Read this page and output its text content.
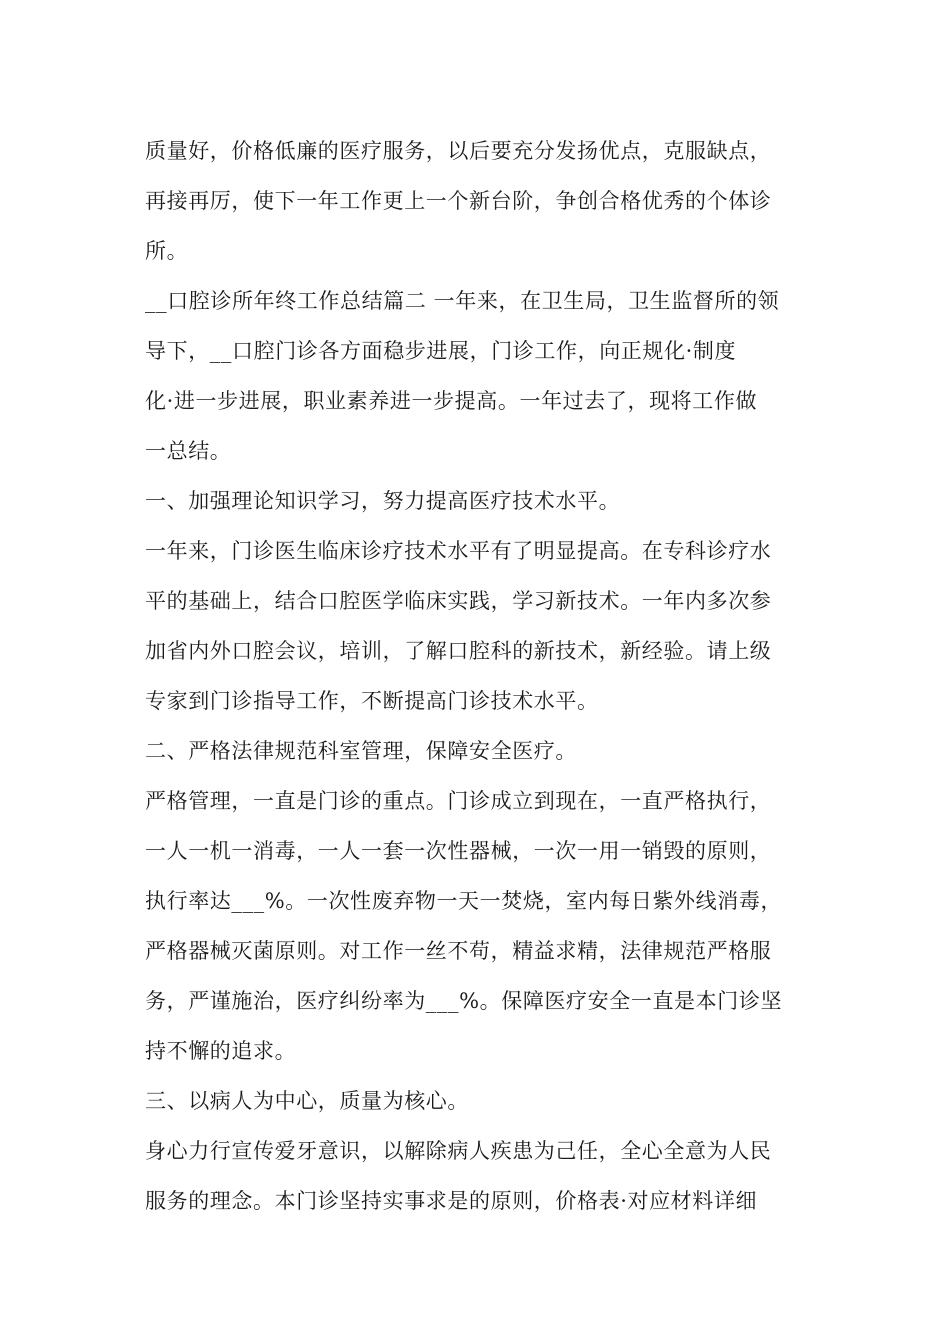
质量好，价格低廉的医疗服务，以后要充分发扬优点，克服缺点，
再接再厉，使下一年工作更上一个新台阶，争创合格优秀的个体诊
所。
__口腔诊所年终工作总结篇二 一年来，在卫生局，卫生监督所的领
导下，__口腔门诊各方面稳步进展，门诊工作，向正规化·制度
化·进一步进展，职业素养进一步提高。一年过去了，现将工作做
一总结。
一、加强理论知识学习，努力提高医疗技术水平。
一年来，门诊医生临床诊疗技术水平有了明显提高。在专科诊疗水
平的基础上，结合口腔医学临床实践，学习新技术。一年内多次参
加省内外口腔会议，培训，了解口腔科的新技术，新经验。请上级
专家到门诊指导工作，不断提高门诊技术水平。
二、严格法律规范科室管理，保障安全医疗。
严格管理，一直是门诊的重点。门诊成立到现在，一直严格执行，
一人一机一消毒，一人一套一次性器械，一次一用一销毁的原则，
执行率达___%。一次性废弃物一天一焚烧，室内每日紫外线消毒，
严格器械灭菌原则。对工作一丝不苟，精益求精，法律规范严格服
务，严谨施治，医疗纠纷率为___%。保障医疗安全一直是本门诊坚
持不懈的追求。
三、以病人为中心，质量为核心。
身心力行宣传爱牙意识，以解除病人疾患为己任，全心全意为人民
服务的理念。本门诊坚持实事求是的原则，价格表·对应材料详细
